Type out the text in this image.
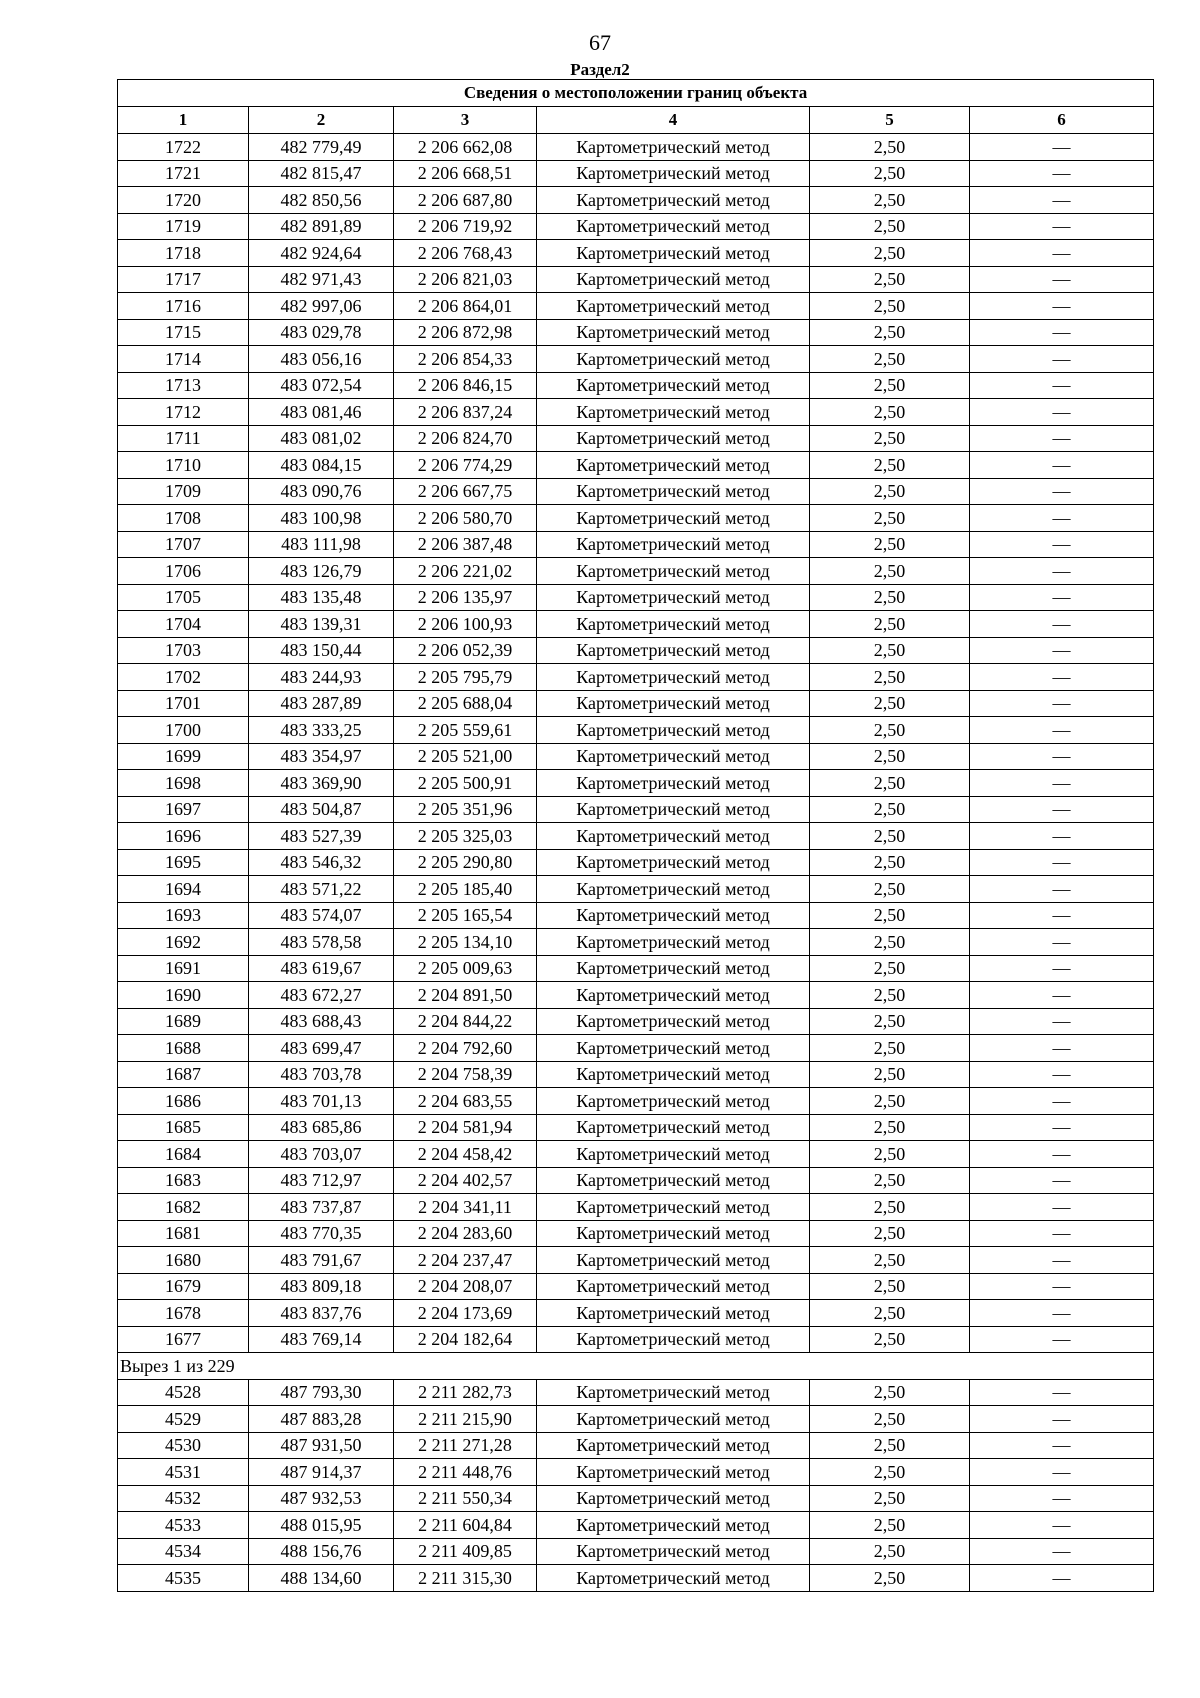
67
Раздел2
Сведения о местоположении границ объекта					
1	2	3	4	5	6
1722	482 779,49	2 206 662,08	Картометрический метод	2,50	—
1721	482 815,47	2 206 668,51	Картометрический метод	2,50	—
1720	482 850,56	2 206 687,80	Картометрический метод	2,50	—
1719	482 891,89	2 206 719,92	Картометрический метод	2,50	—
1718	482 924,64	2 206 768,43	Картометрический метод	2,50	—
1717	482 971,43	2 206 821,03	Картометрический метод	2,50	—
1716	482 997,06	2 206 864,01	Картометрический метод	2,50	—
1715	483 029,78	2 206 872,98	Картометрический метод	2,50	—
1714	483 056,16	2 206 854,33	Картометрический метод	2,50	—
1713	483 072,54	2 206 846,15	Картометрический метод	2,50	—
1712	483 081,46	2 206 837,24	Картометрический метод	2,50	—
1711	483 081,02	2 206 824,70	Картометрический метод	2,50	—
1710	483 084,15	2 206 774,29	Картометрический метод	2,50	—
1709	483 090,76	2 206 667,75	Картометрический метод	2,50	—
1708	483 100,98	2 206 580,70	Картометрический метод	2,50	—
1707	483 111,98	2 206 387,48	Картометрический метод	2,50	—
1706	483 126,79	2 206 221,02	Картометрический метод	2,50	—
1705	483 135,48	2 206 135,97	Картометрический метод	2,50	—
1704	483 139,31	2 206 100,93	Картометрический метод	2,50	—
1703	483 150,44	2 206 052,39	Картометрический метод	2,50	—
1702	483 244,93	2 205 795,79	Картометрический метод	2,50	—
1701	483 287,89	2 205 688,04	Картометрический метод	2,50	—
1700	483 333,25	2 205 559,61	Картометрический метод	2,50	—
1699	483 354,97	2 205 521,00	Картометрический метод	2,50	—
1698	483 369,90	2 205 500,91	Картометрический метод	2,50	—
1697	483 504,87	2 205 351,96	Картометрический метод	2,50	—
1696	483 527,39	2 205 325,03	Картометрический метод	2,50	—
1695	483 546,32	2 205 290,80	Картометрический метод	2,50	—
1694	483 571,22	2 205 185,40	Картометрический метод	2,50	—
1693	483 574,07	2 205 165,54	Картометрический метод	2,50	—
1692	483 578,58	2 205 134,10	Картометрический метод	2,50	—
1691	483 619,67	2 205 009,63	Картометрический метод	2,50	—
1690	483 672,27	2 204 891,50	Картометрический метод	2,50	—
1689	483 688,43	2 204 844,22	Картометрический метод	2,50	—
1688	483 699,47	2 204 792,60	Картометрический метод	2,50	—
1687	483 703,78	2 204 758,39	Картометрический метод	2,50	—
1686	483 701,13	2 204 683,55	Картометрический метод	2,50	—
1685	483 685,86	2 204 581,94	Картометрический метод	2,50	—
1684	483 703,07	2 204 458,42	Картометрический метод	2,50	—
1683	483 712,97	2 204 402,57	Картометрический метод	2,50	—
1682	483 737,87	2 204 341,11	Картометрический метод	2,50	—
1681	483 770,35	2 204 283,60	Картометрический метод	2,50	—
1680	483 791,67	2 204 237,47	Картометрический метод	2,50	—
1679	483 809,18	2 204 208,07	Картометрический метод	2,50	—
1678	483 837,76	2 204 173,69	Картометрический метод	2,50	—
1677	483 769,14	2 204 182,64	Картометрический метод	2,50	—
Вырез 1 из 229					
4528	487 793,30	2 211 282,73	Картометрический метод	2,50	—
4529	487 883,28	2 211 215,90	Картометрический метод	2,50	—
4530	487 931,50	2 211 271,28	Картометрический метод	2,50	—
4531	487 914,37	2 211 448,76	Картометрический метод	2,50	—
4532	487 932,53	2 211 550,34	Картометрический метод	2,50	—
4533	488 015,95	2 211 604,84	Картометрический метод	2,50	—
4534	488 156,76	2 211 409,85	Картометрический метод	2,50	—
4535	488 134,60	2 211 315,30	Картометрический метод	2,50	—
